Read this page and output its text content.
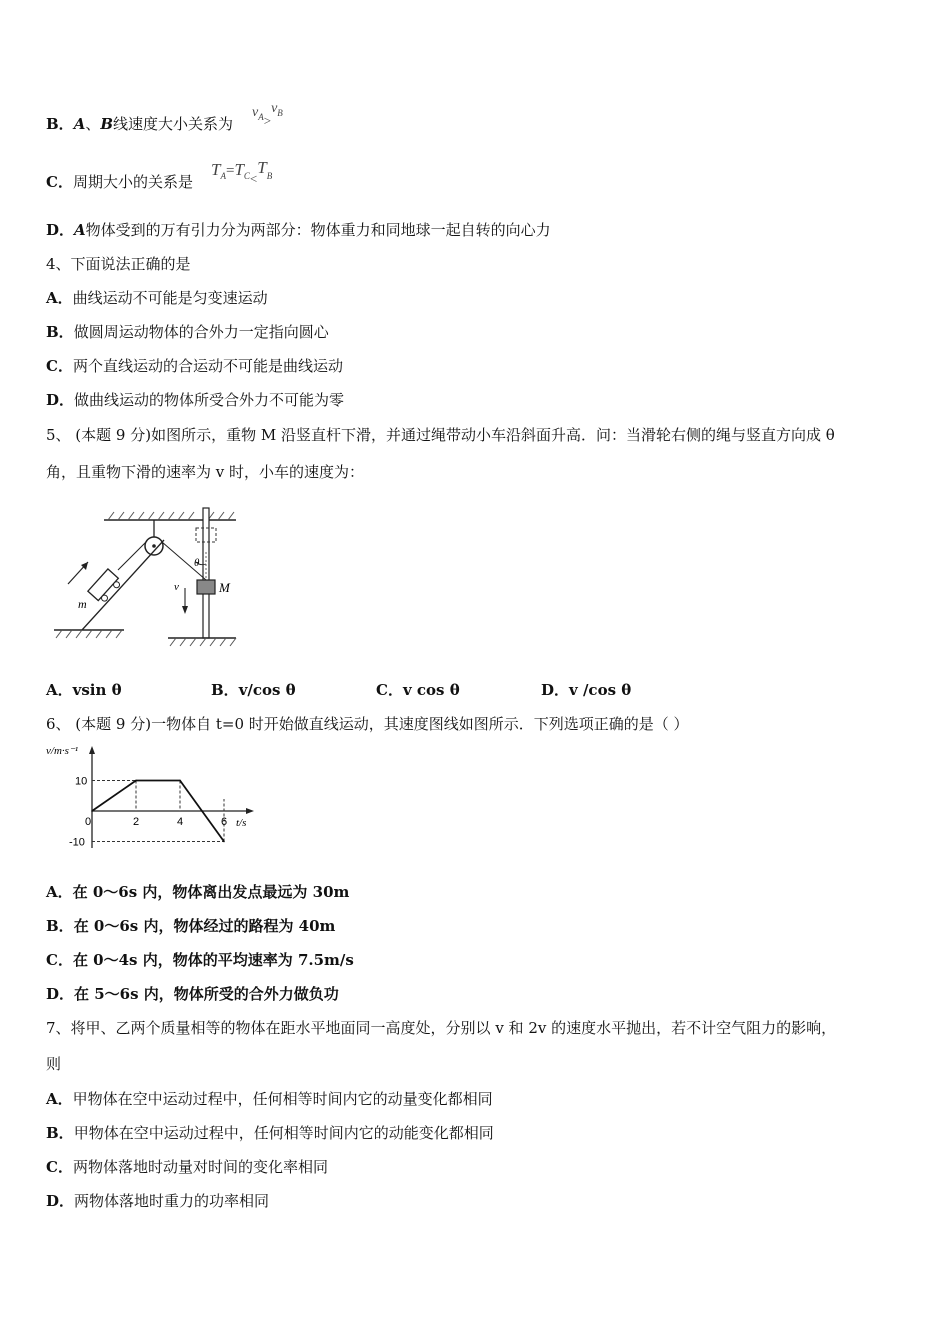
B．A、B线速度大小关系为
$v_A>v_B$
C．周期大小的关系是
$T_A=T_C<T_B$
D．A物体受到的万有引力分为两部分：物体重力和同地球一起自转的向心力
4、下面说法正确的是
A．曲线运动不可能是匀变速运动
B．做圆周运动物体的合外力一定指向圆心
C．两个直线运动的合运动不可能是曲线运动
D．做曲线运动的物体所受合外力不可能为零
5、 (本题 9 分)如图所示，重物 M 沿竖直杆下滑，并通过绳带动小车沿斜面升高．问：当滑轮右侧的绳与竖直方向成 θ
角，且重物下滑的速率为 v 时，小车的速度为：
m
θ
M
v
A．vsin θ	B．v/cos θ	C．v cos θ	D．v /cos θ
6、 (本题 9 分)一物体自 t=0 时开始做直线运动，其速度图线如图所示．下列选项正确的是（ ）
v/m·s⁻¹
t/s
0	2	4	6
10
-10
A．在 0～6s 内，物体离出发点最远为 30m
B．在 0～6s 内，物体经过的路程为 40m
C．在 0～4s 内，物体的平均速率为 7.5m/s
D．在 5～6s 内，物体所受的合外力做负功
7、将甲、乙两个质量相等的物体在距水平地面同一高度处，分别以 v 和 2v 的速度水平抛出，若不计空气阻力的影响，
则
A．甲物体在空中运动过程中，任何相等时间内它的动量变化都相同
B．甲物体在空中运动过程中，任何相等时间内它的动能变化都相同
C．两物体落地时动量对时间的变化率相同
D．两物体落地时重力的功率相同
